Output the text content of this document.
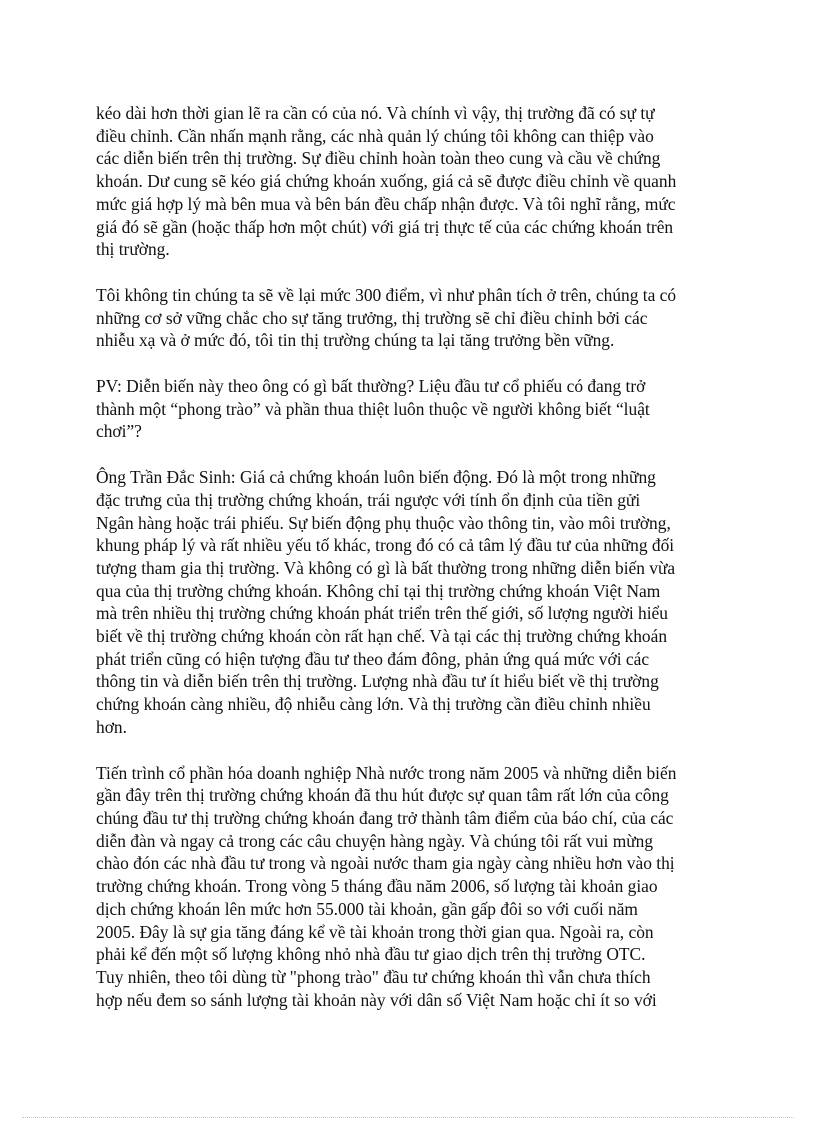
kéo dài hơn thời gian lẽ ra cần có của nó. Và chính vì vậy, thị trường đã có sự tự
điều chỉnh. Cần nhấn mạnh rằng, các nhà quản lý chúng tôi không can thiệp vào
các diễn biến trên thị trường. Sự điều chỉnh hoàn toàn theo cung và cầu về chứng
khoán. Dư cung sẽ kéo giá chứng khoán xuống, giá cả sẽ được điều chỉnh về quanh
mức giá hợp lý mà bên mua và bên bán đều chấp nhận được. Và tôi nghĩ rằng, mức
giá đó sẽ gần (hoặc thấp hơn một chút) với giá trị thực tế của các chứng khoán trên
thị trường.

Tôi không tin chúng ta sẽ về lại mức 300 điểm, vì như phân tích ở trên, chúng ta có
những cơ sở vững chắc cho sự tăng trưởng, thị trường sẽ chỉ điều chỉnh bởi các
nhiễu xạ và ở mức đó, tôi tin thị trường chúng ta lại tăng trưởng bền vững.

PV: Diễn biến này theo ông có gì bất thường? Liệu đầu tư cổ phiếu có đang trở
thành một “phong trào” và phần thua thiệt luôn thuộc về người không biết “luật
chơi”?

Ông Trần Đắc Sinh: Giá cả chứng khoán luôn biến động. Đó là một trong những
đặc trưng của thị trường chứng khoán, trái ngược với tính ổn định của tiền gửi
Ngân hàng hoặc trái phiếu. Sự biến động phụ thuộc vào thông tin, vào môi trường,
khung pháp lý và rất nhiều yếu tố khác, trong đó có cả tâm lý đầu tư của những đối
tượng tham gia thị trường. Và không có gì là bất thường trong những diễn biến vừa
qua của thị trường chứng khoán. Không chỉ tại thị trường chứng khoán Việt Nam
mà trên nhiều thị trường chứng khoán phát triển trên thế giới, số lượng người hiểu
biết về thị trường chứng khoán còn rất hạn chế. Và tại các thị trường chứng khoán
phát triển cũng có hiện tượng đầu tư theo đám đông, phản ứng quá mức với các
thông tin và diễn biến trên thị trường. Lượng nhà đầu tư ít hiểu biết về thị trường
chứng khoán càng nhiều, độ nhiễu càng lớn. Và thị trường cần điều chỉnh nhiều
hơn.

Tiến trình cổ phần hóa doanh nghiệp Nhà nước trong năm 2005 và những diễn biến
gần đây trên thị trường chứng khoán đã thu hút được sự quan tâm rất lớn của công
chúng đầu tư thị trường chứng khoán đang trở thành tâm điểm của báo chí, của các
diễn đàn và ngay cả trong các câu chuyện hàng ngày. Và chúng tôi rất vui mừng
chào đón các nhà đầu tư trong và ngoài nước tham gia ngày càng nhiều hơn vào thị
trường chứng khoán. Trong vòng 5 tháng đầu năm 2006, số lượng tài khoản giao
dịch chứng khoán lên mức hơn 55.000 tài khoản, gần gấp đôi so với cuối năm
2005. Đây là sự gia tăng đáng kể về tài khoản trong thời gian qua. Ngoài ra, còn
phải kể đến một số lượng không nhỏ nhà đầu tư giao dịch trên thị trường OTC.
Tuy nhiên, theo tôi dùng từ "phong trào" đầu tư chứng khoán thì vẫn chưa thích
hợp nếu đem so sánh lượng tài khoản này với dân số Việt Nam hoặc chỉ ít so với
